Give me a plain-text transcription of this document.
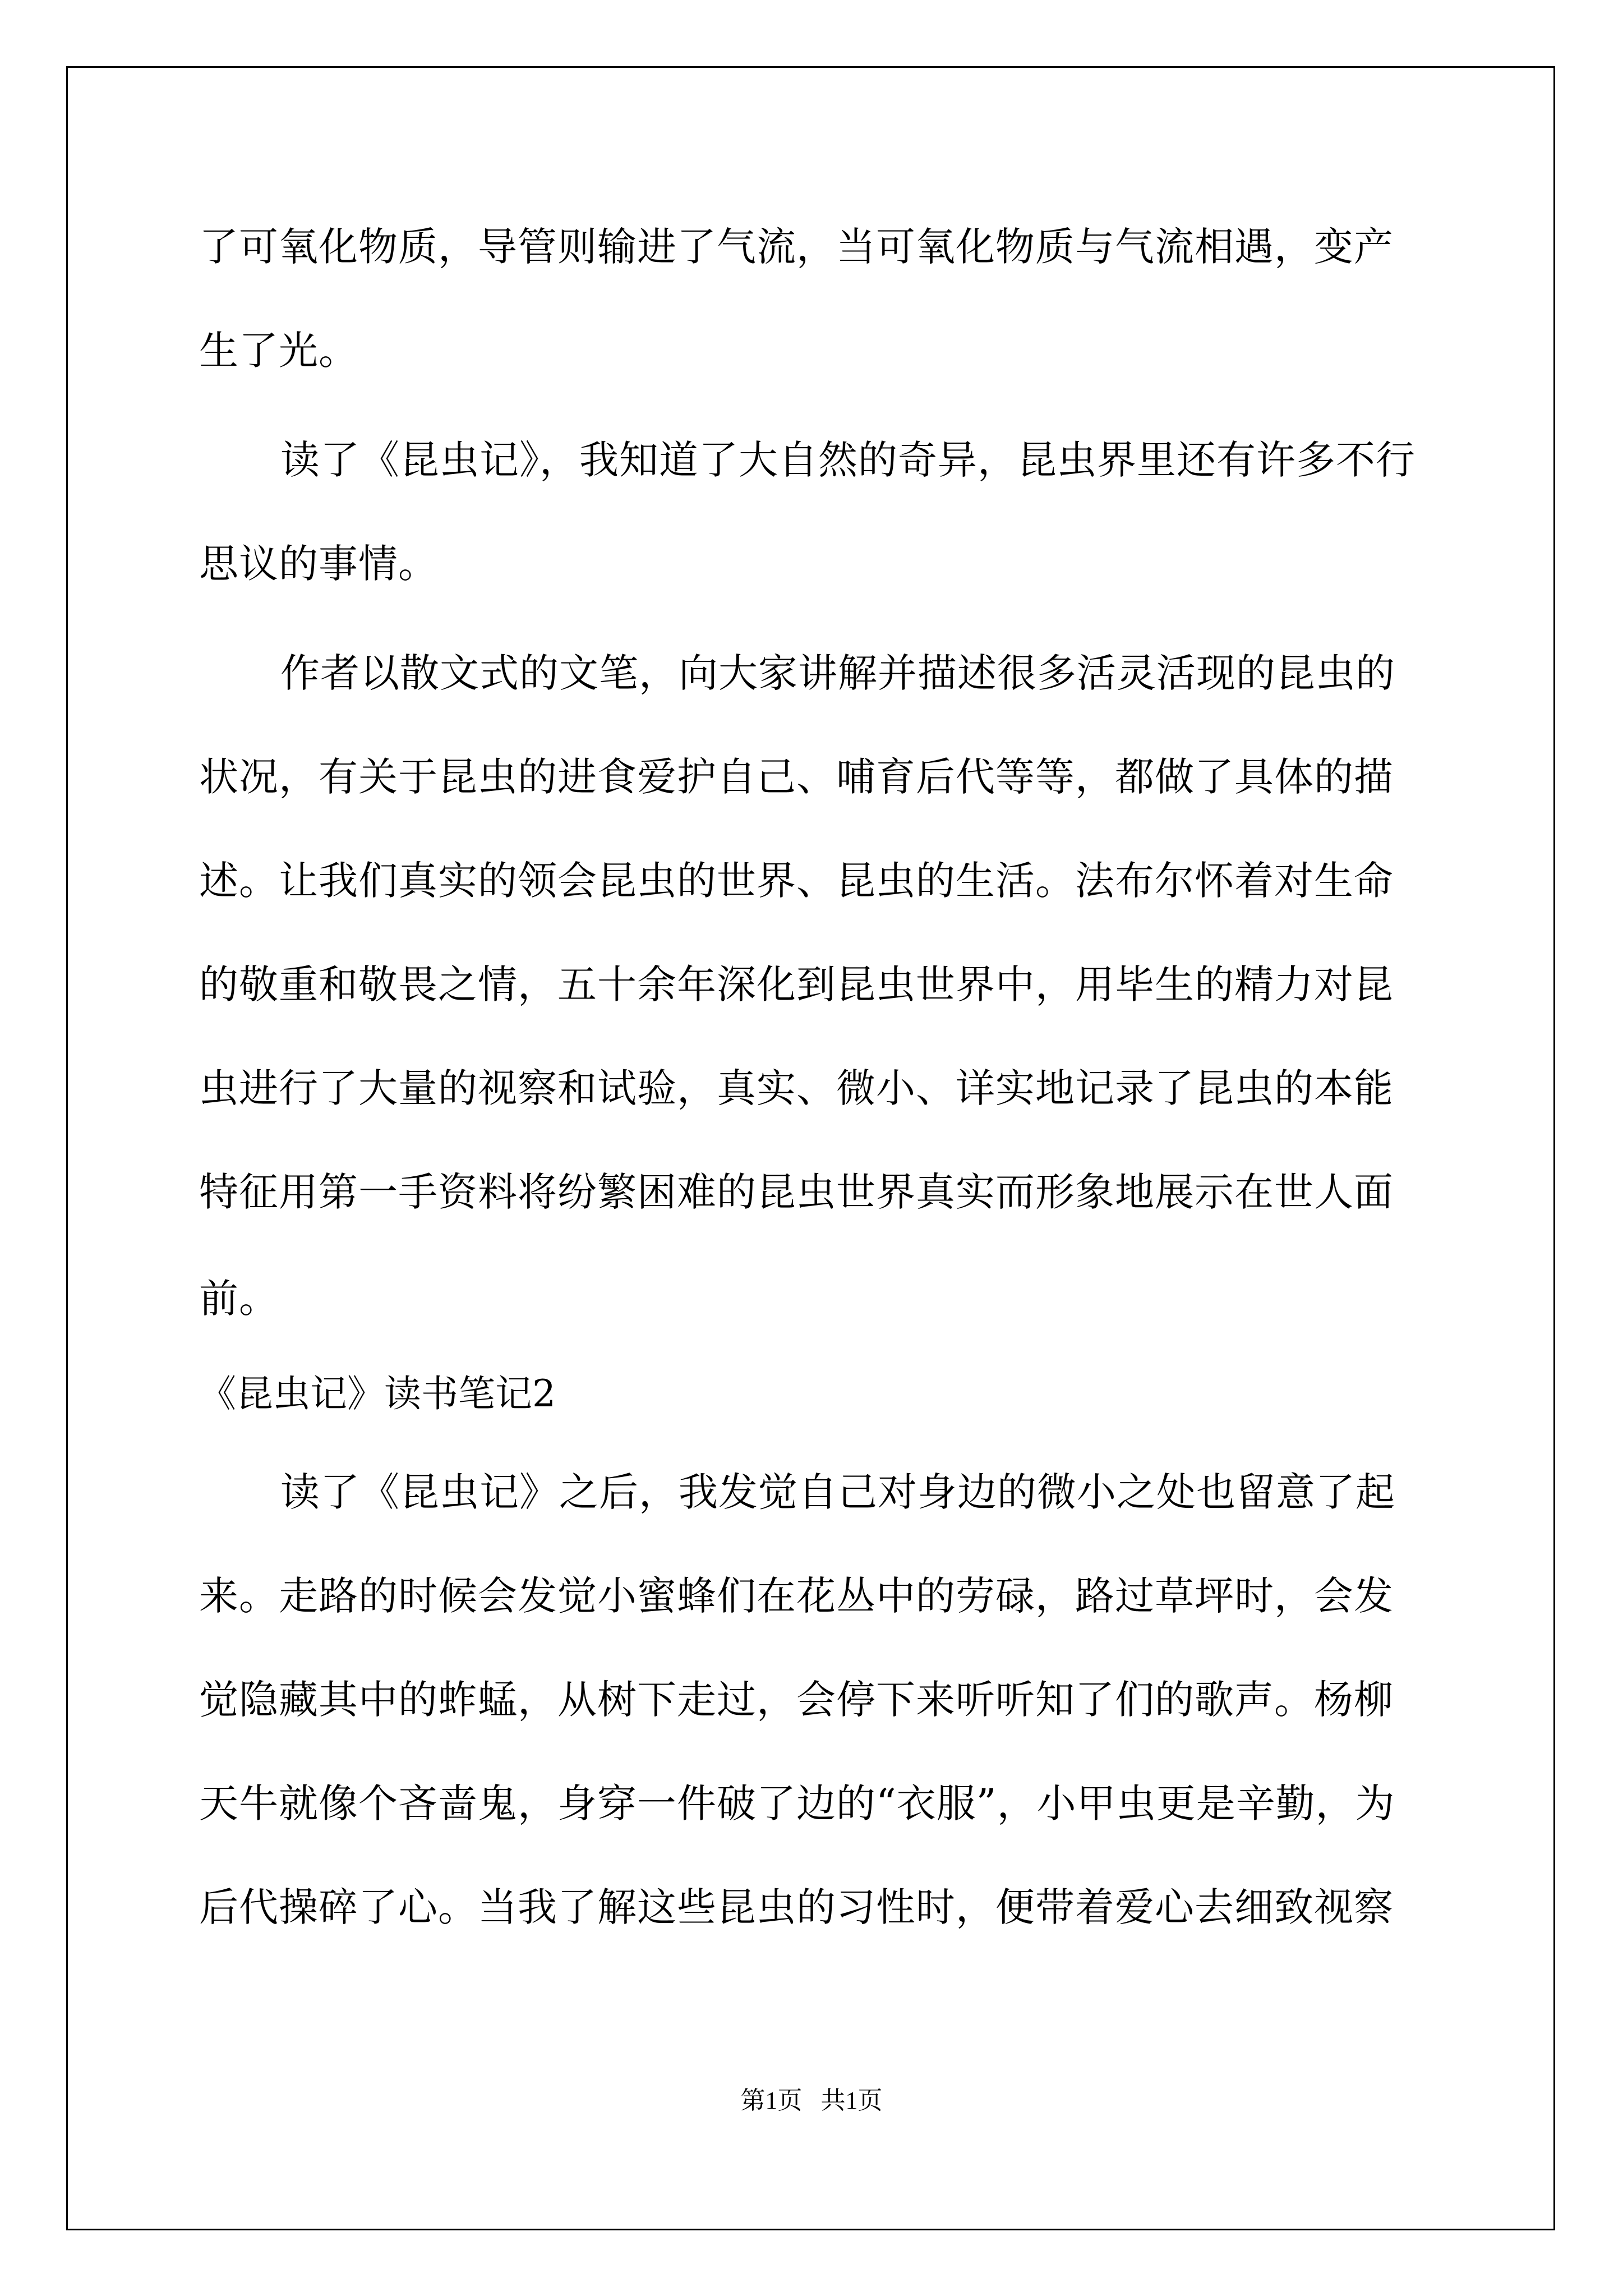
了可氧化物质，导管则输进了气流，当可氧化物质与气流相遇，变产
生了光。
读了《昆虫记》，我知道了大自然的奇异，昆虫界里还有许多不行
思议的事情。
作者以散文式的文笔，向大家讲解并描述很多活灵活现的昆虫的
状况，有关于昆虫的进食爱护自己、哺育后代等等，都做了具体的描
述。让我们真实的领会昆虫的世界、昆虫的生活。法布尔怀着对生命
的敬重和敬畏之情，五十余年深化到昆虫世界中，用毕生的精力对昆
虫进行了大量的视察和试验，真实、微小、详实地记录了昆虫的本能
特征用第一手资料将纷繁困难的昆虫世界真实而形象地展示在世人面
前。
《昆虫记》读书笔记2
读了《昆虫记》之后，我发觉自己对身边的微小之处也留意了起
来。走路的时候会发觉小蜜蜂们在花丛中的劳碌，路过草坪时，会发
觉隐藏其中的蚱蜢，从树下走过，会停下来听听知了们的歌声。杨柳
天牛就像个吝啬鬼，身穿一件破了边的“衣服”，小甲虫更是辛勤，为
后代操碎了心。当我了解这些昆虫的习性时，便带着爱心去细致视察
第1页   共1页
